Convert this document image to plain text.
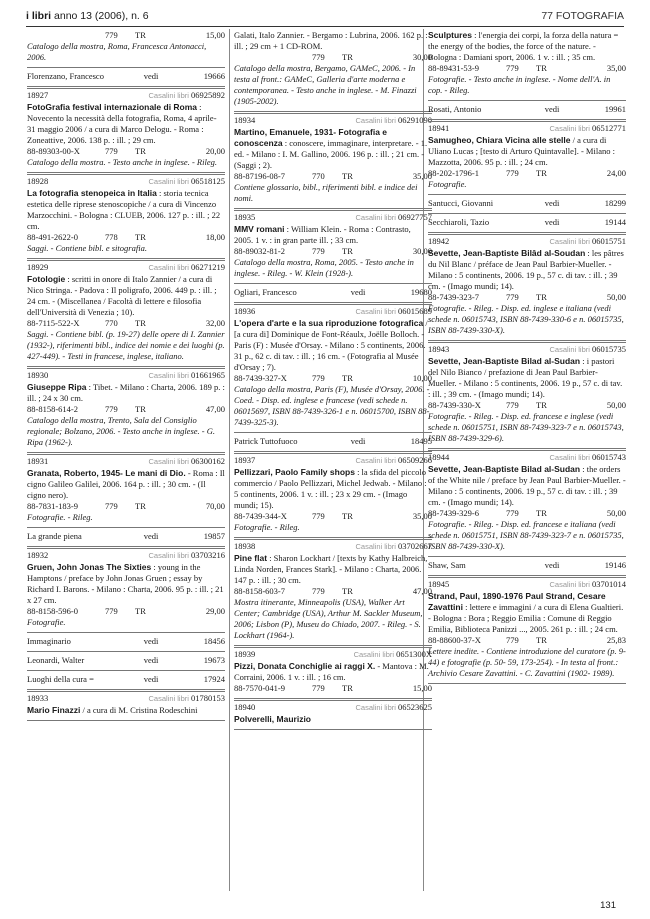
i libri anno 13 (2006), n. 6	77 FOTOGRAFIA
779	TR	15,00
Catalogo della mostra, Roma, Francesca Antonacci, 2006.
Florenzano, Francesco	vedi	19666
18927	Casalini libri 06925892
FotoGrafia festival internazionale di Roma : Novecento la necessità della fotografia, Roma, 4 aprile-31 maggio 2006 / a cura di Marco Delogu. - Roma : Zoneattive, 2006. 138 p. : ill. ; 29 cm.
88-89303-00-X	779	TR	20,00
Catalogo della mostra. - Testo anche in inglese. - Rileg.
18928	Casalini libri 06518125
La fotografia stenopeica in Italia : storia tecnica estetica delle riprese stenoscopiche / a cura di Vincenzo Marzocchini. - Bologna : CLUEB, 2006. 127 p. : ill. ; 22 cm.
88-491-2622-0	778	TR	18,00
Saggi. - Contiene bibl. e sitografia.
18929	Casalini libri 06271219
Fotologie : scritti in onore di Italo Zannier / a cura di Nico Stringa. - Padova : Il poligrafo, 2006. 449 p. : ill. ; 24 cm. - (Miscellanea / Facoltà di lettere e filosofia dell'Università di Venezia ; 10).
88-7115-522-X	770	TR	32,00
Saggi. - Contiene bibl. (p. 19-27) delle opere di I. Zannier (1932-), riferimenti bibl., indice dei nomie e dei luoghi (p. 427-449). - Testi in francese, inglese, italiano.
18930	Casalini libri 01661965
Giuseppe Ripa : Tibet. - Milano : Charta, 2006. 189 p. : ill. ; 24 x 30 cm.
88-8158-614-2	779	TR	47,00
Catalogo della mostra, Trento, Sala del Consiglio regionale; Bolzano, 2006. - Testo anche in inglese. - G. Ripa (1962-).
18931	Casalini libri 06300162
Granata, Roberto, 1945- Le mani di Dio. - Roma : Il cigno Galileo Galilei, 2006. 164 p. : ill. ; 30 cm. - (Il cigno nero).
88-7831-183-9	779	TR	70,00
Fotografie. - Rileg.
La grande piena	vedi	19857
18932	Casalini libri 03703216
Gruen, John Jonas The Sixties : young in the Hamptons / preface by John Jonas Gruen ; essay by Richard I. Barons. - Milano : Charta, 2006. 95 p. : ill. ; 21 x 27 cm.
88-8158-596-0	779	TR	29,00
Fotografie.
Immaginario	vedi	18456
Leonardi, Walter	vedi	19673
Luoghi della cura =	vedi	17924
18933	Casalini libri 01780153
Mario Finazzi / a cura di M. Cristina Rodeschini
Galati, Italo Zannier. - Bergamo : Lubrina, 2006. 162 p. : ill. ; 29 cm + 1 CD-ROM.
779	TR	30,00
Catalogo della mostra, Bergamo, GAMeC, 2006. - In testa al front.: GAMeC, Galleria d'arte moderna e contemporanea. - Testo anche in inglese. - M. Finazzi (1905-2002).
18934	Casalini libri 06291090
Martino, Emanuele, 1931- Fotografia e conoscenza : conoscere, immaginare, interpretare. - 1. ed. - Milano : I. M. Gallino, 2006. 196 p. : ill. ; 21 cm. - (Saggi ; 2).
88-87196-08-7	770	TR	35,00
Contiene glossario, bibl., riferimenti bibl. e indice dei nomi.
18935	Casalini libri 06927757
MMV romani : William Klein. - Roma : Contrasto, 2005. 1 v. : in gran parte ill. ; 33 cm.
88-89032-81-2	779	TR	30,00
Catalogo della mostra, Roma, 2005. - Testo anche in inglese. - Rileg. - W. Klein (1928-).
Ogliari, Francesco	vedi	19680
18936	Casalini libri 06015689
L'opera d'arte e la sua riproduzione fotografica / [a cura di] Dominique de Font-Réaulx, Joëlle Bolloch. - Paris (F) : Musée d'Orsay. - Milano : 5 continents, 2006. 31 p., 62 c. di tav. : ill. ; 16 cm. - (Fotografia al Musée d'Orsay ; 7).
88-7439-327-X	779	TR	10,00
Catalogo della mostra, Paris (F), Musée d'Orsay, 2006. - Coed. - Disp. ed. inglese e francese (vedi schede n. 06015697, ISBN 88-7439-326-1 e n. 06015700, ISBN 88-7439-325-3).
Patrick Tuttofuoco	vedi	18495
18937	Casalini libri 06509266
Pellizzari, Paolo Family shops : la sfida del piccolo commercio / Paolo Pellizzari, Michel Jedwab. - Milano : 5 continents, 2006. 1 v. : ill. ; 23 x 29 cm. - (Imago mundi; 15).
88-7439-344-X	779	TR	35,00
Fotografie. - Rileg.
18938	Casalini libri 03702667
Pine flat : Sharon Lockhart / [texts by Kathy Halbreich, Linda Norden, Frances Stark]. - Milano : Charta, 2006. 147 p. : ill. ; 30 cm.
88-8158-603-7	779	TR	47,00
Mostra itinerante, Minneapolis (USA), Walker Art Center; Cambridge (USA), Arthur M. Sackler Museum, 2006; Lisbon (P), Museu do Chiado, 2007. - Rileg. - S. Lockhart (1964-).
18939	Casalini libri 0651300X
Pizzi, Donata Conchiglie ai raggi X. - Mantova : M. Corraini, 2006. 1 v. : ill. ; 16 cm.
88-7570-041-9	779	TR	15,00
18940	Casalini libri 06523625
Polverelli, Maurizio
Sculptures : l'energia dei corpi, la forza della natura = the energy of the bodies, the force of the nature. - Bologna : Damiani sport, 2006. 1 v. : ill. ; 35 cm.
88-89431-53-9	779	TR	35,00
Fotografie. - Testo anche in inglese. - Nome dell'A. in cop. - Rileg.
Rosati, Antonio	vedi	19961
18941	Casalini libri 06512771
Samugheo, Chiara Vicina alle stelle / a cura di Uliano Lucas ; [testo di Arturo Quintavalle]. - Milano : Mazzotta, 2006. 95 p. : ill. ; 24 cm.
88-202-1796-1	779	TR	24,00
Fotografie.
Santucci, Giovanni	vedi	18299
Secchiaroli, Tazio	vedi	19144
18942	Casalini libri 06015751
Sevette, Jean-Baptiste Bilâd al-Soudan : les pâtres du Nil Blanc / préface de Jean Paul Barbier-Mueller. - Milano : 5 continents, 2006. 19 p., 57 c. di tav. : ill. ; 39 cm. - (Imago mundi; 14).
88-7439-323-7	779	TR	50,00
Fotografie. - Rileg. - Disp. ed. inglese e italiana (vedi schede n. 06015743, ISBN 88-7439-330-6 e n. 06015735, ISBN 88-7439-330-X).
18943	Casalini libri 06015735
Sevette, Jean-Baptiste Bilad al-Sudan : i pastori del Nilo Bianco / prefazione di Jean Paul Barbier-Mueller. - Milano : 5 continents, 2006. 19 p., 57 c. di tav. : ill. ; 39 cm. - (Imago mundi; 14).
88-7439-330-X	779	TR	50,00
Fotografie. - Rileg. - Disp. ed. francese e inglese (vedi schede n. 06015751, ISBN 88-7439-323-7 e n. 06015743, ISBN 88-7439-329-6).
18944	Casalini libri 06015743
Sevette, Jean-Baptiste Bilad al-Sudan : the orders of the White nile / preface by Jean Paul Barbier-Mueller. - Milano : 5 continents, 2006. 19 p., 57 c. di tav. : ill. ; 39 cm. - (Imago mundi; 14).
88-7439-329-6	779	TR	50,00
Fotografie. - Rileg. - Disp. ed. francese e italiana (vedi schede n. 06015751, ISBN 88-7439-323-7 e n. 06015735, ISBN 88-7439-330-X).
Shaw, Sam	vedi	19146
18945	Casalini libri 03701014
Strand, Paul, 1890-1976 Paul Strand, Cesare Zavattini : lettere e immagini / a cura di Elena Gualtieri. - Bologna : Bora ; Reggio Emilia : Comune di Reggio Emilia, Biblioteca Panizzi ..., 2005. 261 p. : ill. ; 24 cm.
88-88600-37-X	779	TR	25,83
Lettere inedite. - Contiene introduzione del curatore (p. 9-44) e fotografie (p. 50- 59, 173-254). - In testa al front.: Archivio Cesare Zavattini. - C. Zavattini (1902- 1989).
131
